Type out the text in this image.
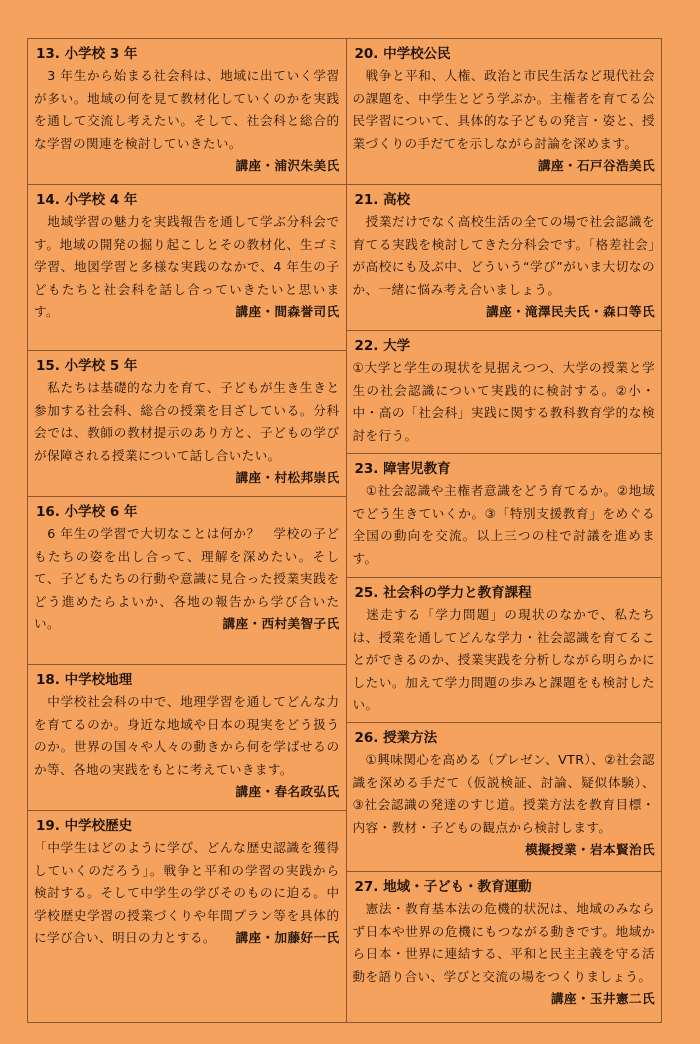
13. 小学校 3 年
　3 年生から始まる社会科は、地域に出ていく学習が多い。地域の何を見て教材化していくのかを実践を通して交流し考えたい。そして、社会科と総合的な学習の関連を検討していきたい。
講座・浦沢朱美氏
14. 小学校 4 年
　地域学習の魅力を実践報告を通して学ぶ分科会です。地域の開発の掘り起こしとその教材化、生ゴミ学習、地図学習と多様な実践のなかで、4 年生の子どもたちと社会科を話し合っていきたいと思います。	講座・間森誉司氏
15. 小学校 5 年
　私たちは基礎的な力を育て、子どもが生き生きと参加する社会科、総合の授業を目ざしている。分科会では、教師の教材提示のあり方と、子どもの学びが保障される授業について話し合いたい。
講座・村松邦崇氏
16. 小学校 6 年
　6 年生の学習で大切なことは何か？　学校の子どもたちの姿を出し合って、理解を深めたい。そして、子どもたちの行動や意識に見合った授業実践をどう進めたらよいか、各地の報告から学び合いたい。	講座・西村美智子氏
18. 中学校地理
　中学校社会科の中で、地理学習を通してどんな力を育てるのか。身近な地域や日本の現実をどう扱うのか。世界の国々や人々の動きから何を学ばせるのか等、各地の実践をもとに考えていきます。
講座・春名政弘氏
19. 中学校歴史
「中学生はどのように学び、どんな歴史認識を獲得していくのだろう」。戦争と平和の学習の実践から検討する。そして中学生の学びそのものに迫る。中学校歴史学習の授業づくりや年間プラン等を具体的に学び合い、明日の力とする。 講座・加藤好一氏
20. 中学校公民
　戦争と平和、人権、政治と市民生活など現代社会の課題を、中学生とどう学ぶか。主権者を育てる公民学習について、具体的な子どもの発言・姿と、授業づくりの手だてを示しながら討論を深めます。
講座・石戸谷浩美氏
21. 高校
　授業だけでなく高校生活の全ての場で社会認識を育てる実践を検討してきた分科会です。「格差社会」が高校にも及ぶ中、どういう“学び”がいま大切なのか、一緒に悩み考え合いましょう。
講座・滝澤民夫氏・森口等氏
22. 大学
①大学と学生の現状を見据えつつ、大学の授業と学生の社会認識について実践的に検討する。②小・中・高の「社会科」実践に関する教科教育学的な検討を行う。
23. 障害児教育
　①社会認識や主権者意識をどう育てるか。②地域でどう生きていくか。③「特別支援教育」をめぐる全国の動向を交流。以上三つの柱で討議を進めます。
25. 社会科の学力と教育課程
　迷走する「学力問題」の現状のなかで、私たちは、授業を通してどんな学力・社会認識を育てることができるのか、授業実践を分析しながら明らかにしたい。加えて学力問題の歩みと課題をも検討したい。
26. 授業方法
　①興味関心を高める（プレゼン、VTR）、②社会認識を深める手だて（仮説検証、討論、疑似体験）、③社会認識の発達のすじ道。授業方法を教育目標・内容・教材・子どもの観点から検討します。
模擬授業・岩本賢治氏
27. 地域・子ども・教育運動
　憲法・教育基本法の危機的状況は、地域のみならず日本や世界の危機にもつながる動きです。地域から日本・世界に連結する、平和と民主主義を守る活動を語り合い、学びと交流の場をつくりましょう。
講座・玉井憲二氏
